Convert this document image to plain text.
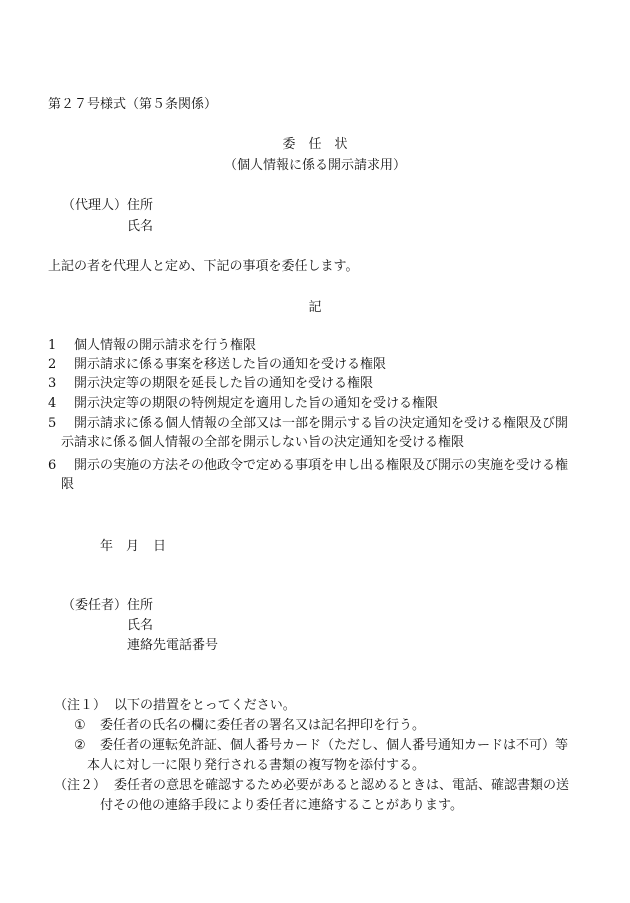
第２７号様式（第５条関係）
委　任　状
（個人情報に係る開示請求用）
（代理人） 住所
氏名
上記の者を代理人と定め、下記の事項を委任します。
記
1 個人情報の開示請求を行う権限
2 開示請求に係る事案を移送した旨の通知を受ける権限
3 開示決定等の期限を延長した旨の通知を受ける権限
4 開示決定等の期限の特例規定を適用した旨の通知を受ける権限
5 開示請求に係る個人情報の全部又は一部を開示する旨の決定通知を受ける権限及び開
示請求に係る個人情報の全部を開示しない旨の決定通知を受ける権限
6 開示の実施の方法その他政令で定める事項を申し出る権限及び開示の実施を受ける権
限
年 月 日
（委任者） 住所
氏名
連絡先電話番号
（注１） 以下の措置をとってください。
① 委任者の氏名の欄に委任者の署名又は記名押印を行う。
② 委任者の運転免許証、個人番号カード（ただし、個人番号通知カードは不可）等
本人に対し一に限り発行される書類の複写物を添付する。
（注２） 委任者の意思を確認するため必要があると認めるときは、電話、確認書類の送
付その他の連絡手段により委任者に連絡することがあります。
